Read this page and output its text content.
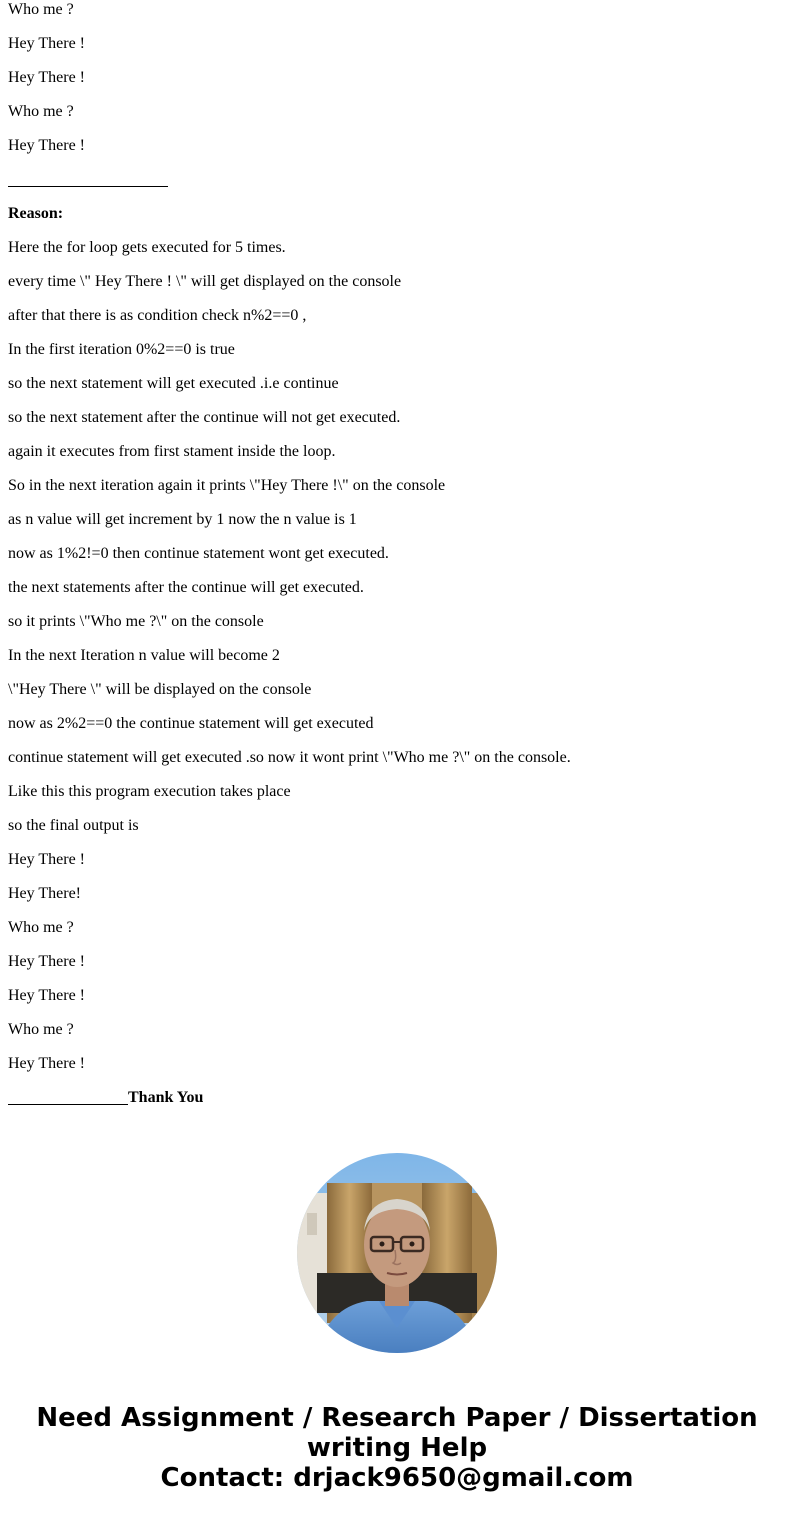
Who me ?
Hey There !
Hey There !
Who me ?
Hey There !
Reason:
Here the for loop gets executed for 5 times.
every time \" Hey There ! \" will get displayed on the console
after that there is as condition check n%2==0 ,
In the first iteration 0%2==0 is true
so the next statement will get executed .i.e continue
so the next statement after the continue will not get executed.
again it executes from first stament inside the loop.
So in the next iteration again it prints \"Hey There !\" on the console
as n value will get increment by 1 now the n value is 1
now as 1%2!=0 then continue statement wont get executed.
the next statements after the continue will get executed.
so it prints \"Who me ?\" on the console
In the next Iteration n value will become 2
\"Hey There \" will be displayed on the console
now as 2%2==0 the continue statement will get executed
continue statement will get executed .so now it wont print \"Who me ?\" on the console.
Like this this program execution takes place
so the final output is
Hey There !
Hey There!
Who me ?
Hey There !
Hey There !
Who me ?
Hey There !
Thank You
Need Assignment / Research Paper / Dissertation
writing Help
Contact: drjack9650@gmail.com
